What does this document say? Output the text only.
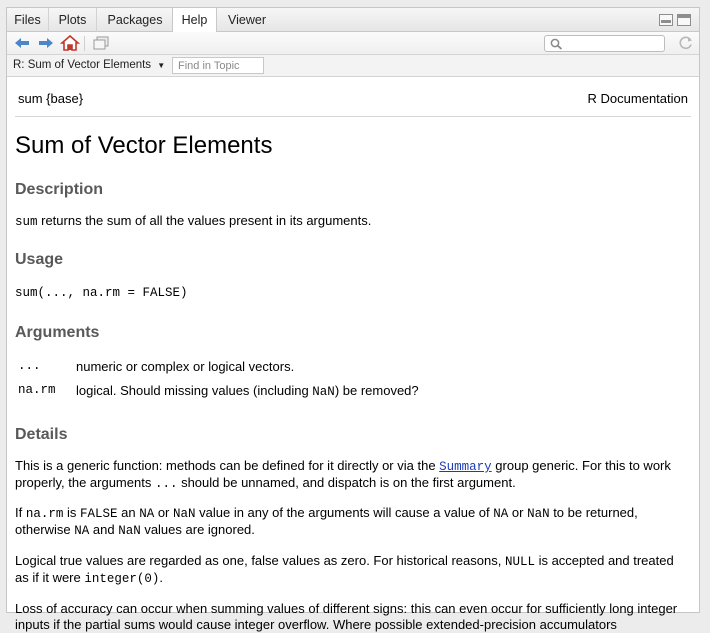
Files	Plots	Packages	Help	Viewer
R: Sum of Vector Elements ▼
Find in Topic
sum {base}	R Documentation
Sum of Vector Elements
Description

sum returns the sum of all the values present in its arguments.

Usage
sum(..., na.rm = FALSE)
Arguments
...	numeric or complex or logical vectors.
na.rm	logical. Should missing values (including NaN) be removed?
Details

This is a generic function: methods can be defined for it directly or via the Summary group generic. For this to work properly, the arguments ... should be unnamed, and dispatch is on the first argument.

If na.rm is FALSE an NA or NaN value in any of the arguments will cause a value of NA or NaN to be returned, otherwise NA and NaN values are ignored.

Logical true values are regarded as one, false values as zero. For historical reasons, NULL is accepted and treated as if it were integer(0).

Loss of accuracy can occur when summing values of different signs: this can even occur for sufficiently long integer inputs if the partial sums would cause integer overflow. Where possible extended-precision accumulators
